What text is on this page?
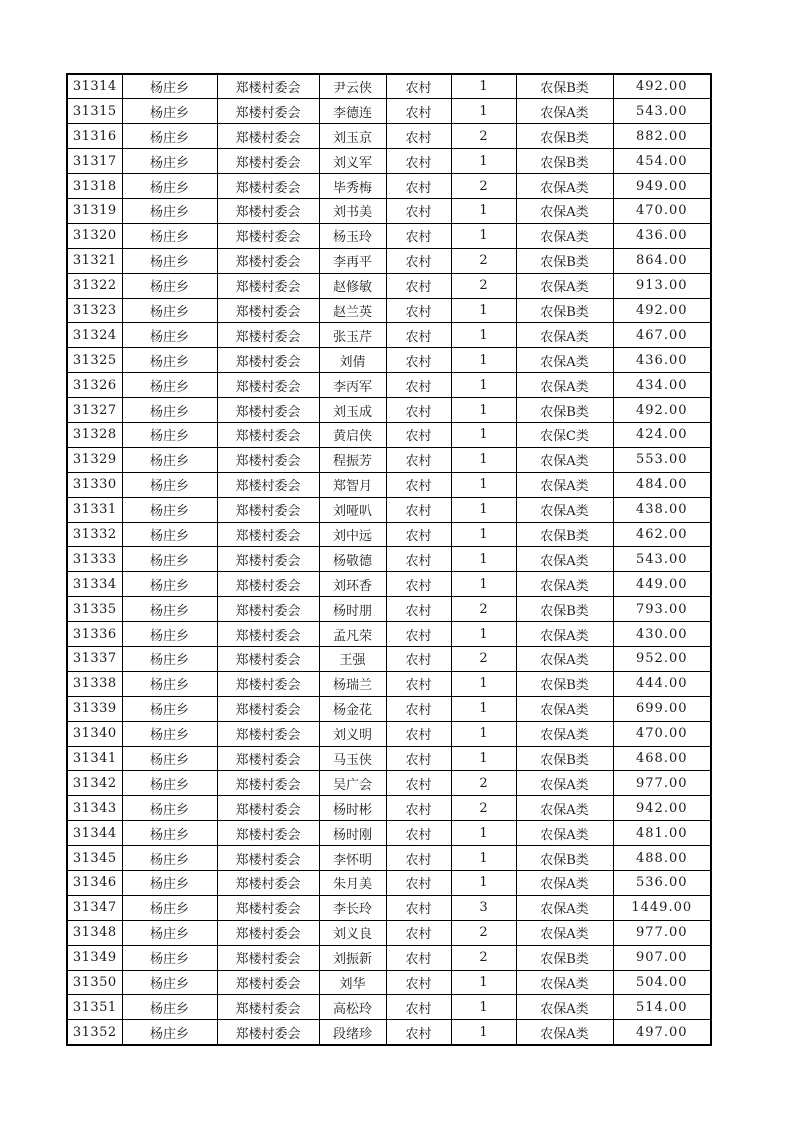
31314	杨庄乡	郑楼村委会	尹云侠	农村	1	农保B类	492.00
31315	杨庄乡	郑楼村委会	李德连	农村	1	农保A类	543.00
31316	杨庄乡	郑楼村委会	刘玉京	农村	2	农保B类	882.00
31317	杨庄乡	郑楼村委会	刘义军	农村	1	农保B类	454.00
31318	杨庄乡	郑楼村委会	毕秀梅	农村	2	农保A类	949.00
31319	杨庄乡	郑楼村委会	刘书美	农村	1	农保A类	470.00
31320	杨庄乡	郑楼村委会	杨玉玲	农村	1	农保A类	436.00
31321	杨庄乡	郑楼村委会	李再平	农村	2	农保B类	864.00
31322	杨庄乡	郑楼村委会	赵修敏	农村	2	农保A类	913.00
31323	杨庄乡	郑楼村委会	赵兰英	农村	1	农保B类	492.00
31324	杨庄乡	郑楼村委会	张玉芹	农村	1	农保A类	467.00
31325	杨庄乡	郑楼村委会	刘倩	农村	1	农保A类	436.00
31326	杨庄乡	郑楼村委会	李丙军	农村	1	农保A类	434.00
31327	杨庄乡	郑楼村委会	刘玉成	农村	1	农保B类	492.00
31328	杨庄乡	郑楼村委会	黄启侠	农村	1	农保C类	424.00
31329	杨庄乡	郑楼村委会	程振芳	农村	1	农保A类	553.00
31330	杨庄乡	郑楼村委会	郑智月	农村	1	农保A类	484.00
31331	杨庄乡	郑楼村委会	刘哑叭	农村	1	农保A类	438.00
31332	杨庄乡	郑楼村委会	刘中远	农村	1	农保B类	462.00
31333	杨庄乡	郑楼村委会	杨敬德	农村	1	农保A类	543.00
31334	杨庄乡	郑楼村委会	刘环香	农村	1	农保A类	449.00
31335	杨庄乡	郑楼村委会	杨时朋	农村	2	农保B类	793.00
31336	杨庄乡	郑楼村委会	孟凡荣	农村	1	农保A类	430.00
31337	杨庄乡	郑楼村委会	王强	农村	2	农保A类	952.00
31338	杨庄乡	郑楼村委会	杨瑞兰	农村	1	农保B类	444.00
31339	杨庄乡	郑楼村委会	杨金花	农村	1	农保A类	699.00
31340	杨庄乡	郑楼村委会	刘义明	农村	1	农保A类	470.00
31341	杨庄乡	郑楼村委会	马玉侠	农村	1	农保B类	468.00
31342	杨庄乡	郑楼村委会	吴广会	农村	2	农保A类	977.00
31343	杨庄乡	郑楼村委会	杨时彬	农村	2	农保A类	942.00
31344	杨庄乡	郑楼村委会	杨时刚	农村	1	农保A类	481.00
31345	杨庄乡	郑楼村委会	李怀明	农村	1	农保B类	488.00
31346	杨庄乡	郑楼村委会	朱月美	农村	1	农保A类	536.00
31347	杨庄乡	郑楼村委会	李长玲	农村	3	农保A类	1449.00
31348	杨庄乡	郑楼村委会	刘义良	农村	2	农保A类	977.00
31349	杨庄乡	郑楼村委会	刘振新	农村	2	农保B类	907.00
31350	杨庄乡	郑楼村委会	刘华	农村	1	农保A类	504.00
31351	杨庄乡	郑楼村委会	高松玲	农村	1	农保A类	514.00
31352	杨庄乡	郑楼村委会	段绪珍	农村	1	农保A类	497.00
